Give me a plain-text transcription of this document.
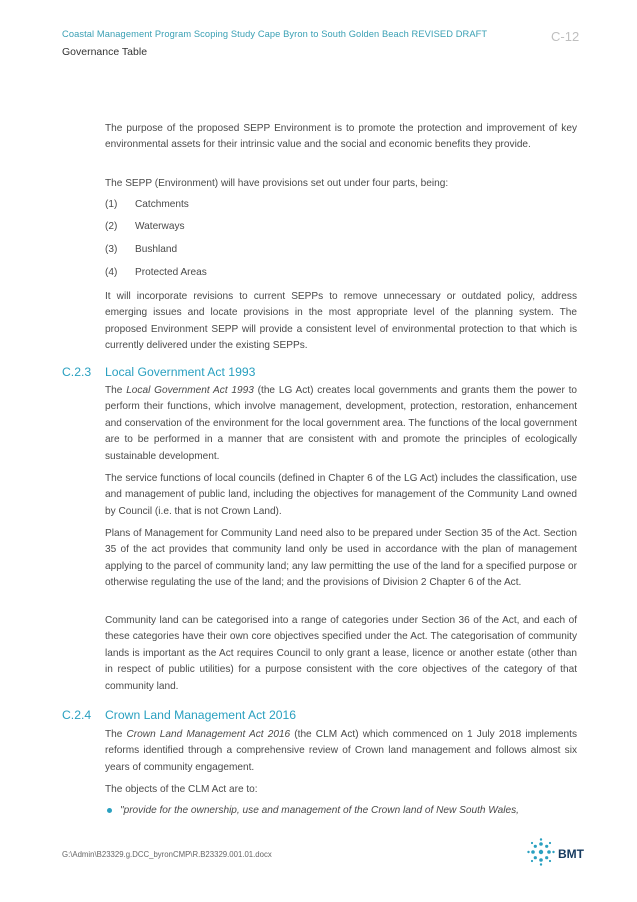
Coastal Management Program Scoping Study Cape Byron to South Golden Beach REVISED DRAFT	C-12
Governance Table

The purpose of the proposed SEPP Environment is to promote the protection and improvement of key environmental assets for their intrinsic value and the social and economic benefits they provide.

The SEPP (Environment) will have provisions set out under four parts, being:

(1) Catchments
(2) Waterways
(3) Bushland
(4) Protected Areas

It will incorporate revisions to current SEPPs to remove unnecessary or outdated policy, address emerging issues and locate provisions in the most appropriate level of the planning system. The proposed Environment SEPP will provide a consistent level of environmental protection to that which is currently delivered under the existing SEPPs.

C.2.3 Local Government Act 1993

The Local Government Act 1993 (the LG Act) creates local governments and grants them the power to perform their functions, which involve management, development, protection, restoration, enhancement and conservation of the environment for the local government area. The functions of the local government are to be performed in a manner that are consistent with and promote the principles of ecologically sustainable development.

The service functions of local councils (defined in Chapter 6 of the LG Act) includes the classification, use and management of public land, including the objectives for management of the Community Land owned by Council (i.e. that is not Crown Land).

Plans of Management for Community Land need also to be prepared under Section 35 of the Act. Section 35 of the act provides that community land only be used in accordance with the plan of management applying to the parcel of community land; any law permitting the use of the land for a specified purpose or otherwise regulating the use of the land; and the provisions of Division 2 Chapter 6 of the Act.

Community land can be categorised into a range of categories under Section 36 of the Act, and each of these categories have their own core objectives specified under the Act. The categorisation of community lands is important as the Act requires Council to only grant a lease, licence or another estate (other than in respect of public utilities) for a purpose consistent with the core objectives of the category of that community land.

C.2.4 Crown Land Management Act 2016

The Crown Land Management Act 2016 (the CLM Act) which commenced on 1 July 2018 implements reforms identified through a comprehensive review of Crown land management and follows almost six years of community engagement.

The objects of the CLM Act are to:

"provide for the ownership, use and management of the Crown land of New South Wales,
G:\Admin\B23329.g.DCC_byronCMP\R.B23329.001.01.docx	BMT
